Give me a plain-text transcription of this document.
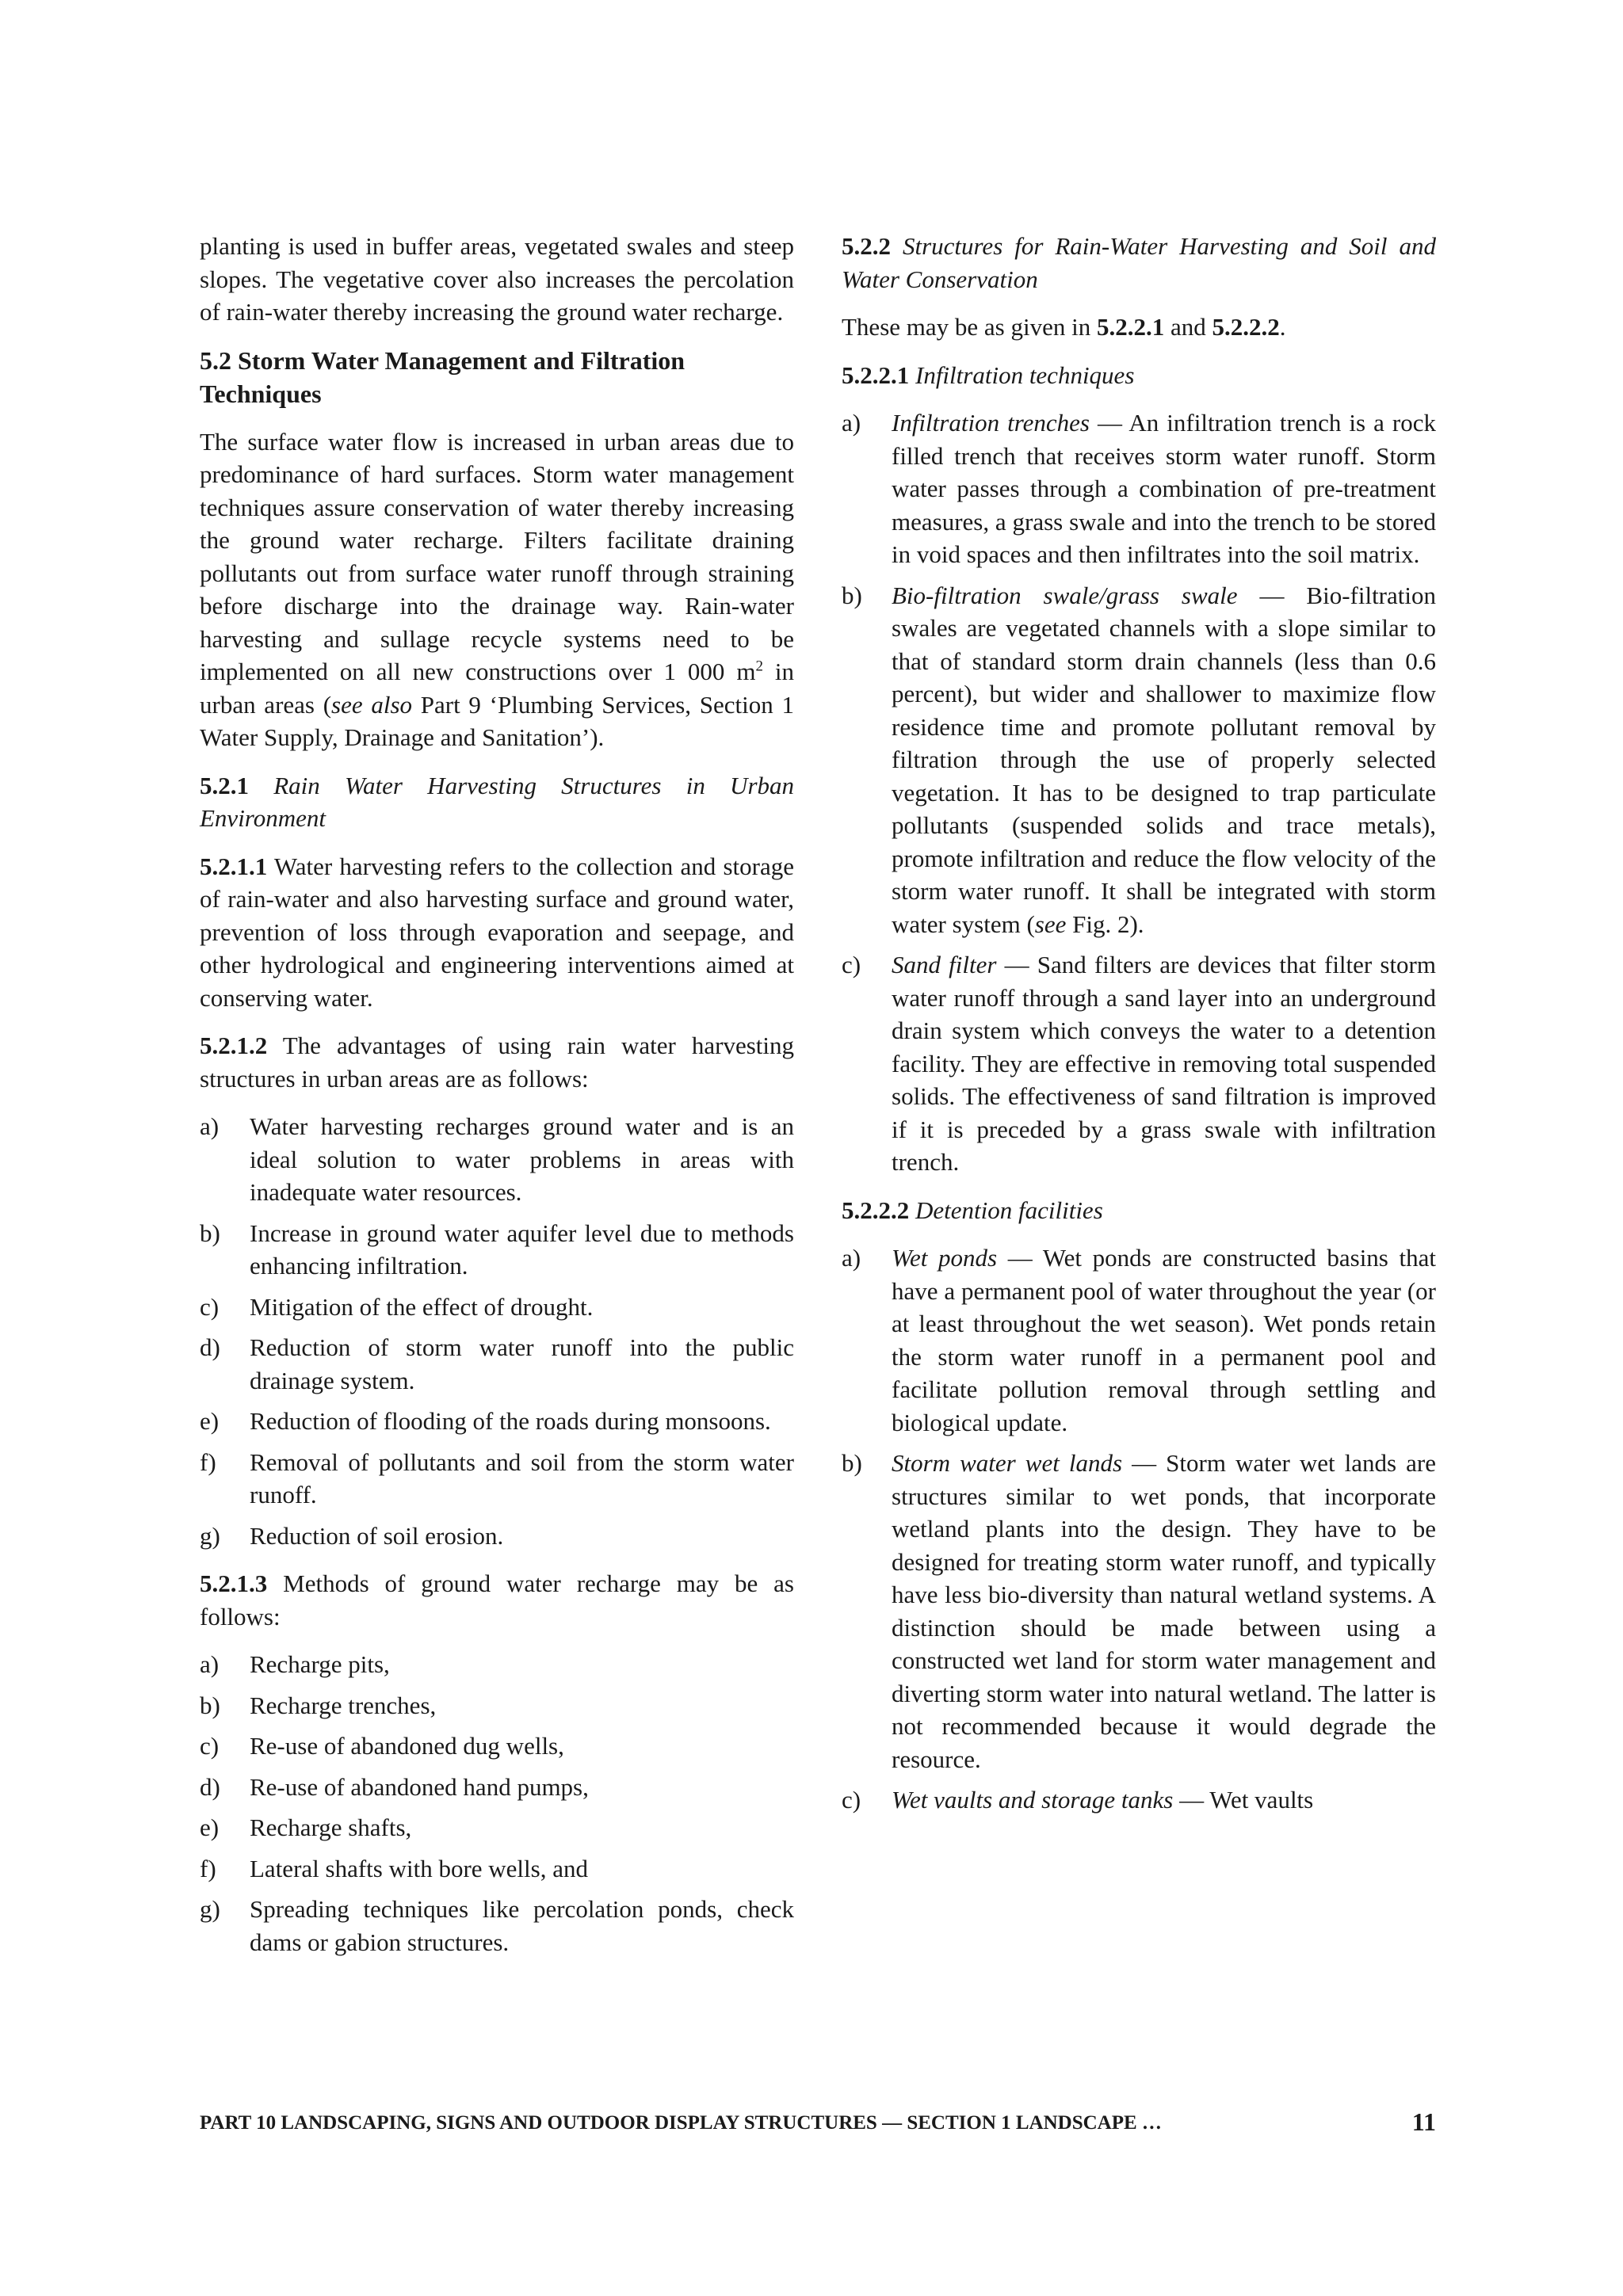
planting is used in buffer areas, vegetated swales and steep slopes. The vegetative cover also increases the percolation of rain-water thereby increasing the ground water recharge.

5.2 Storm Water Management and Filtration Techniques

The surface water flow is increased in urban areas due to predominance of hard surfaces. Storm water management techniques assure conservation of water thereby increasing the ground water recharge. Filters facilitate draining pollutants out from surface water runoff through straining before discharge into the drainage way. Rain-water harvesting and sullage recycle systems need to be implemented on all new constructions over 1 000 $m^2$ in urban areas (see also Part 9 ‘Plumbing Services, Section 1 Water Supply, Drainage and Sanitation’).

5.2.1 Rain Water Harvesting Structures in Urban Environment

5.2.1.1 Water harvesting refers to the collection and storage of rain-water and also harvesting surface and ground water, prevention of loss through evaporation and seepage, and other hydrological and engineering interventions aimed at conserving water.

5.2.1.2 The advantages of using rain water harvesting structures in urban areas are as follows:

a)	Water harvesting recharges ground water and is an ideal solution to water problems in areas with inadequate water resources.
b)	Increase in ground water aquifer level due to methods enhancing infiltration.
c)	Mitigation of the effect of drought.
d)	Reduction of storm water runoff into the public drainage system.
e)	Reduction of flooding of the roads during monsoons.
f)	Removal of pollutants and soil from the storm water runoff.
g)	Reduction of soil erosion.

5.2.1.3 Methods of ground water recharge may be as follows:

a)	Recharge pits,
b)	Recharge trenches,
c)	Re-use of abandoned dug wells,
d)	Re-use of abandoned hand pumps,
e)	Recharge shafts,
f)	Lateral shafts with bore wells, and
g)	Spreading techniques like percolation ponds, check dams or gabion structures.

5.2.2 Structures for Rain-Water Harvesting and Soil and Water Conservation

These may be as given in 5.2.2.1 and 5.2.2.2.

5.2.2.1 Infiltration techniques

a)	Infiltration trenches — An infiltration trench is a rock filled trench that receives storm water runoff. Storm water passes through a combination of pre-treatment measures, a grass swale and into the trench to be stored in void spaces and then infiltrates into the soil matrix.
b)	Bio-filtration swale/grass swale — Bio-filtration swales are vegetated channels with a slope similar to that of standard storm drain channels (less than 0.6 percent), but wider and shallower to maximize flow residence time and promote pollutant removal by filtration through the use of properly selected vegetation. It has to be designed to trap particulate pollutants (suspended solids and trace metals), promote infiltration and reduce the flow velocity of the storm water runoff. It shall be integrated with storm water system (see Fig. 2).
c)	Sand filter — Sand filters are devices that filter storm water runoff through a sand layer into an underground drain system which conveys the water to a detention facility. They are effective in removing total suspended solids. The effectiveness of sand filtration is improved if it is preceded by a grass swale with infiltration trench.

5.2.2.2 Detention facilities

a)	Wet ponds — Wet ponds are constructed basins that have a permanent pool of water throughout the year (or at least throughout the wet season). Wet ponds retain the storm water runoff in a permanent pool and facilitate pollution removal through settling and biological update.
b)	Storm water wet lands — Storm water wet lands are structures similar to wet ponds, that incorporate wetland plants into the design. They have to be designed for treating storm water runoff, and typically have less bio-diversity than natural wetland systems. A distinction should be made between using a constructed wet land for storm water management and diverting storm water into natural wetland. The latter is not recommended because it would degrade the resource.
c)	Wet vaults and storage tanks — Wet vaults
PART 10 LANDSCAPING, SIGNS AND OUTDOOR DISPLAY STRUCTURES — SECTION 1 LANDSCAPE …	11
